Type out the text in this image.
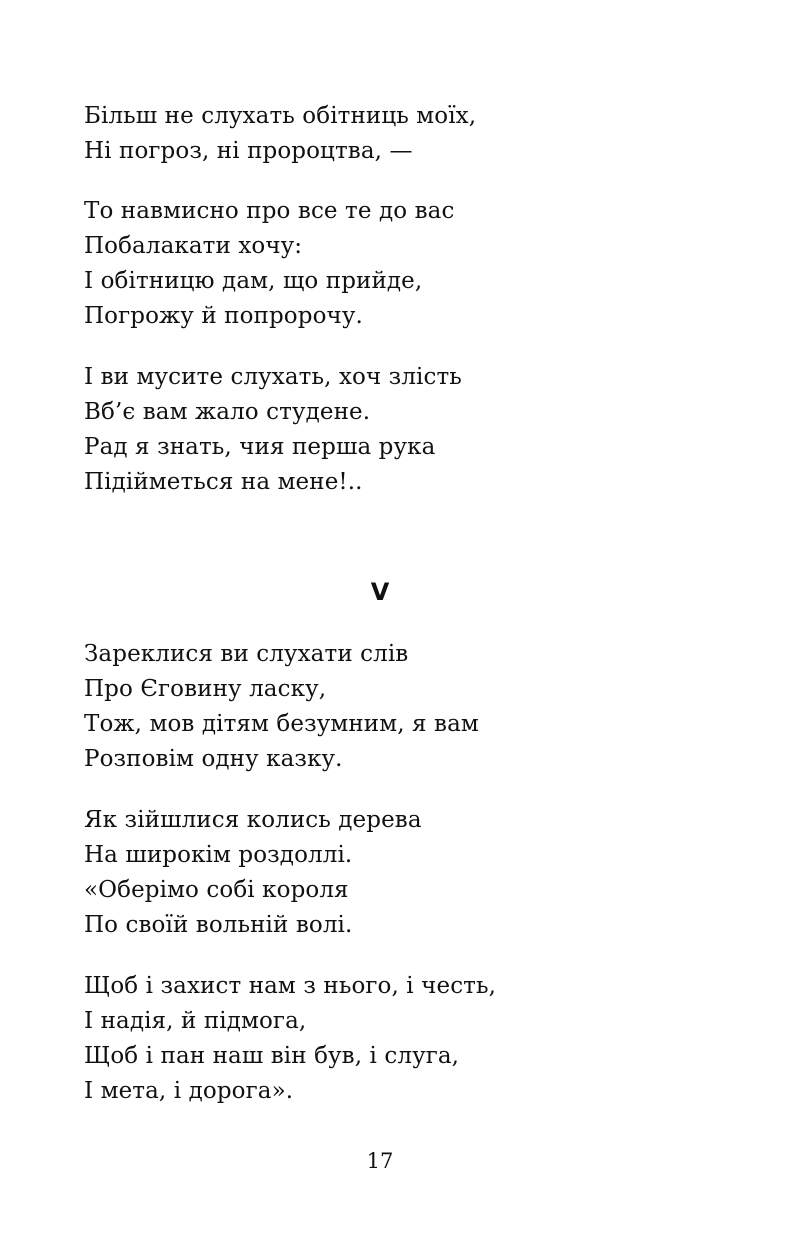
Більш не слухать обітниць моїх,
Ні погроз, ні пророцтва, —
То навмисно про все те до вас
Побалакати хочу:
І обітницю дам, що прийде,
Погрожу й попророчу.
І ви мусите слухать, хоч злість
Вб’є вам жало студене.
Рад я знать, чия перша рука
Підійметься на мене!..
V
Зареклися ви слухати слів
Про Єговину ласку,
Тож, мов дітям безумним, я вам
Розповім одну казку.
Як зійшлися колись дерева
На широкім роздоллі.
«Оберімо собі короля
По своїй вольній волі.
Щоб і захист нам з нього, і честь,
І надія, й підмога,
Щоб і пан наш він був, і слуга,
І мета, і дорога».
17
